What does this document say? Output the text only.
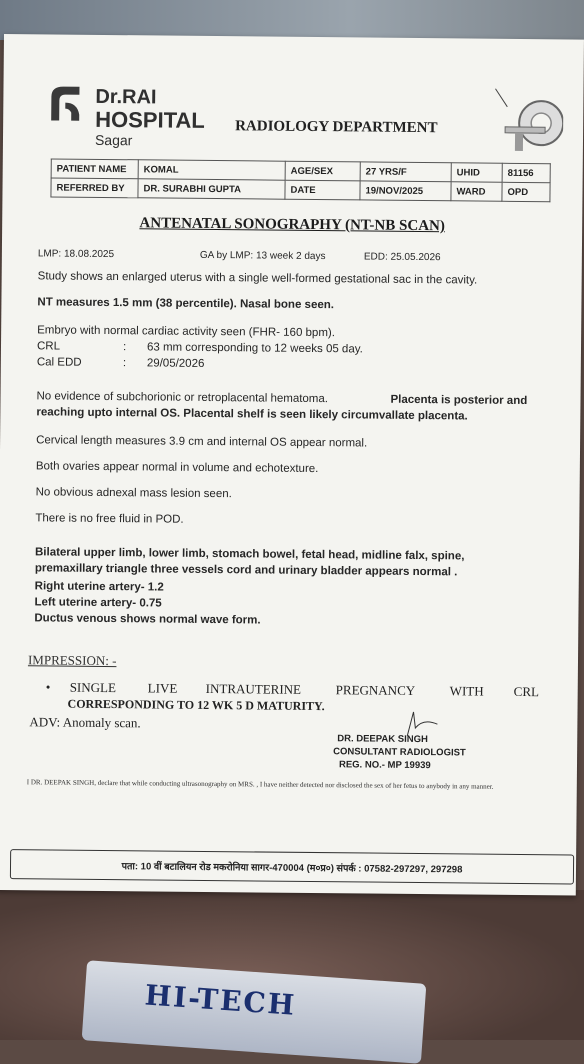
HI-TECH
Dr.RAI
HOSPITAL
Sagar
RADIOLOGY DEPARTMENT
PATIENT NAME	KOMAL	AGE/SEX	27 YRS/F	UHID	81156
REFERRED BY	DR. SURABHI GUPTA	DATE	19/NOV/2025	WARD	OPD
ANTENATAL SONOGRAPHY (NT-NB SCAN)
LMP: 18.08.2025	GA by LMP: 13 week 2 days	EDD: 25.05.2026
Study shows an enlarged uterus with a single well-formed gestational sac in the cavity.
NT measures 1.5 mm (38 percentile). Nasal bone seen.
Embryo with normal cardiac activity seen (FHR- 160 bpm).
CRL	: 63 mm corresponding to 12 weeks 05 day.
Cal EDD	: 29/05/2026
No evidence of subchorionic or retroplacental hematoma.	Placenta is posterior and
reaching upto internal OS. Placental shelf is seen likely circumvallate placenta.
Cervical length measures 3.9 cm and internal OS appear normal.
Both ovaries appear normal in volume and echotexture.
No obvious adnexal mass lesion seen.
There is no free fluid in POD.
Bilateral upper limb, lower limb, stomach bowel, fetal head, midline falx, spine,
premaxillary triangle three vessels cord and urinary bladder appears normal .
Right uterine artery- 1.2
Left uterine artery- 0.75
Ductus venous shows normal wave form.
IMPRESSION: -
• SINGLE LIVE INTRAUTERINE	PREGNANCY	WITH CRL
CORRESPONDING TO 12 WK 5 D MATURITY.
ADV: Anomaly scan.
DR. DEEPAK SINGH
CONSULTANT RADIOLOGIST
REG. NO.- MP 19939
I DR. DEEPAK SINGH, declare that while conducting ultrasonography on MRS. , I have neither detected nor disclosed the sex of her fetus to anybody in any manner.
पता: 10 वीं बटालियन रोड मकरोनिया सागर-470004 (म०प्र०) संपर्क : 07582-297297, 297298
